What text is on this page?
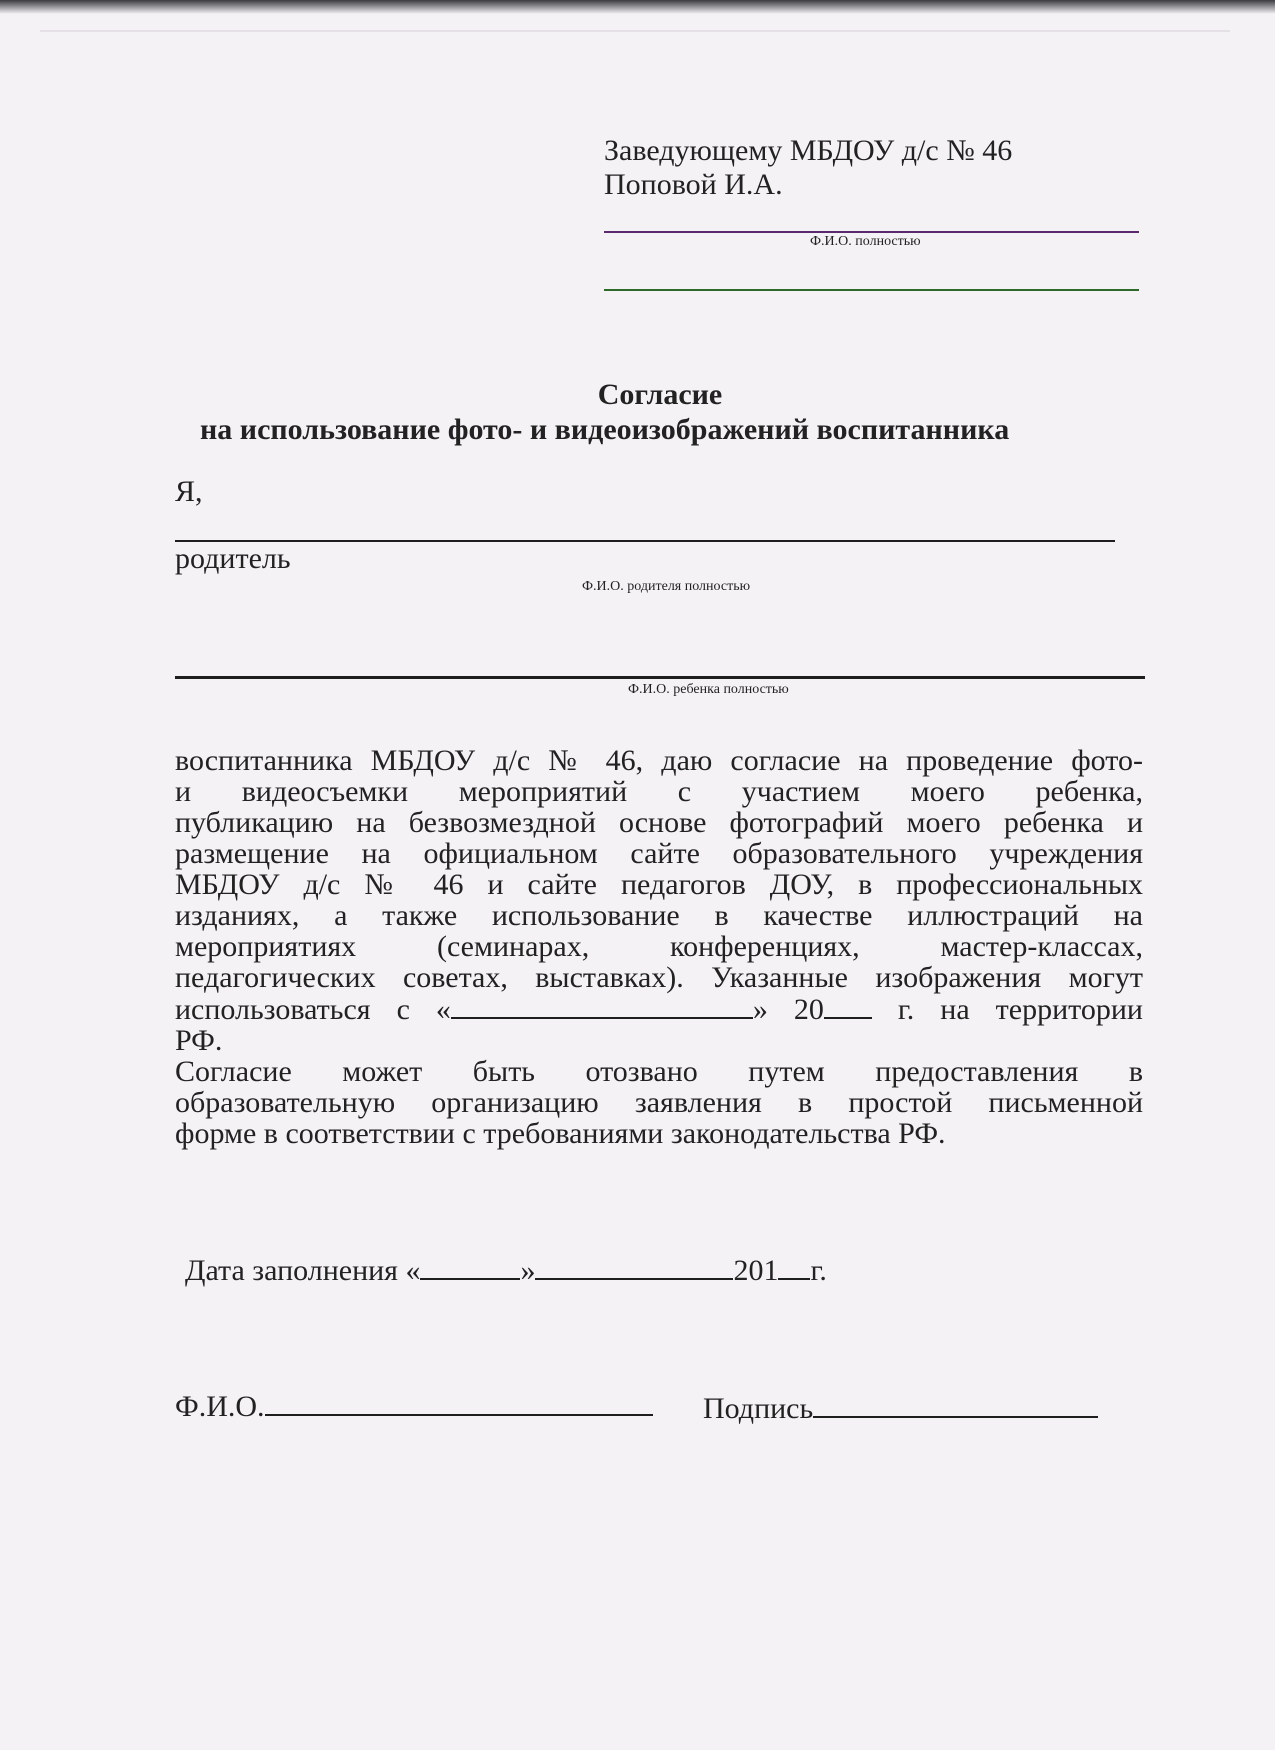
Заведующему МБДОУ д/с № 46
Поповой И.А.
Ф.И.О. полностью
Согласие
на использование фото- и видеоизображений воспитанника
Я,
родитель
Ф.И.О. родителя полностью
Ф.И.О. ребенка полностью
воспитанника МБДОУ д/с № 46, даю согласие на проведение фото-
и видеосъемки мероприятий с участием моего ребенка,
публикацию на безвозмездной основе фотографий моего ребенка и
размещение на официальном сайте образовательного учреждения
МБДОУ д/с № 46 и сайте педагогов ДОУ, в профессиональных
изданиях, а также использование в качестве иллюстраций на
мероприятиях (семинарах, конференциях, мастер-классах,
педагогических советах, выставках). Указанные изображения могут
использоваться с «	» 20 г. на территории
РФ.
Согласие может быть отозвано путем предоставления в
образовательную организацию заявления в простой письменной
форме в соответствии с требованиями законодательства РФ.
Дата заполнения «	»	201 г.
Ф.И.О.	Подпись
